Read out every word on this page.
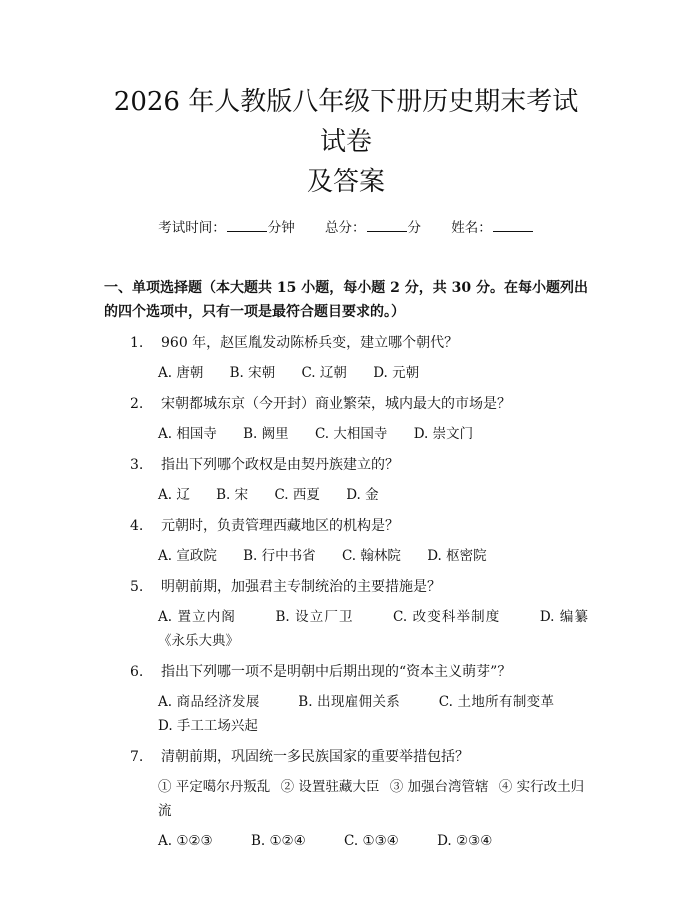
2026 年人教版八年级下册历史期末考试试卷
及答案
考试时间：	分钟 总分：	分 姓名：
一、单项选择题（本大题共 15 小题，每小题 2 分，共 30 分。在每小题列出的四个选项中，只有一项是最符合题目要求的。）
1.	960 年，赵匡胤发动陈桥兵变，建立哪个朝代？
A. 唐朝 B. 宋朝 C. 辽朝 D. 元朝
2.	宋朝都城东京（今开封）商业繁荣，城内最大的市场是？
A. 相国寺 B. 阙里 C. 大相国寺 D. 崇文门
3.	指出下列哪个政权是由契丹族建立的？
A. 辽 B. 宋 C. 西夏 D. 金
4.	元朝时，负责管理西藏地区的机构是？
A. 宣政院 B. 行中书省 C. 翰林院 D. 枢密院
5.	明朝前期，加强君主专制统治的主要措施是？
A. 置立内阁	B. 设立厂卫	C. 改变科举制度	D. 编纂《永乐大典》
6.	指出下列哪一项不是明朝中后期出现的“资本主义萌芽”？
A. 商品经济发展	B. 出现雇佣关系	C. 土地所有制变革 D. 手工工场兴起
7.	清朝前期，巩固统一多民族国家的重要举措包括？
① 平定噶尔丹叛乱 ② 设置驻藏大臣 ③ 加强台湾管辖 ④ 实行改土归流
A. ①②③	B. ①②④	C. ①③④	D. ②③④
